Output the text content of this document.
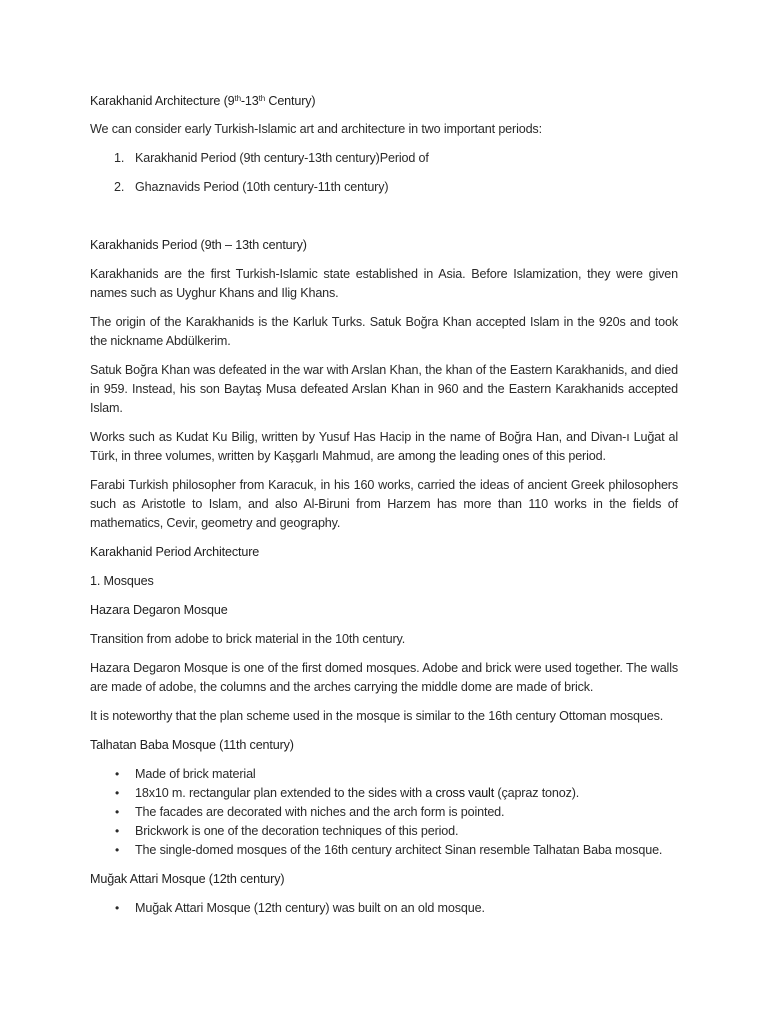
Karakhanid Architecture (9th-13th Century)

We can consider early Turkish-Islamic art and architecture in two important periods:

1. Karakhanid Period (9th century-13th century)Period of
2. Ghaznavids Period (10th century-11th century)

Karakhanids Period (9th – 13th century)

Karakhanids are the first Turkish-Islamic state established in Asia. Before Islamization, they were given names such as Uyghur Khans and Ilig Khans.

The origin of the Karakhanids is the Karluk Turks. Satuk Boğra Khan accepted Islam in the 920s and took the nickname Abdülkerim.

Satuk Boğra Khan was defeated in the war with Arslan Khan, the khan of the Eastern Karakhanids, and died in 959. Instead, his son Baytaş Musa defeated Arslan Khan in 960 and the Eastern Karakhanids accepted Islam.

Works such as Kudat Ku Bilig, written by Yusuf Has Hacip in the name of Boğra Han, and Divan-ı Luğat al Türk, in three volumes, written by Kaşgarlı Mahmud, are among the leading ones of this period.

Farabi Turkish philosopher from Karacuk, in his 160 works, carried the ideas of ancient Greek philosophers such as Aristotle to Islam, and also Al-Biruni from Harzem has more than 110 works in the fields of mathematics, Cevir, geometry and geography.

Karakhanid Period Architecture

1. Mosques

Hazara Degaron Mosque

Transition from adobe to brick material in the 10th century.

Hazara Degaron Mosque is one of the first domed mosques. Adobe and brick were used together. The walls are made of adobe, the columns and the arches carrying the middle dome are made of brick.

It is noteworthy that the plan scheme used in the mosque is similar to the 16th century Ottoman mosques.

Talhatan Baba Mosque (11th century)

• Made of brick material
• 18x10 m. rectangular plan extended to the sides with a cross vault (çapraz tonoz).
• The facades are decorated with niches and the arch form is pointed.
• Brickwork is one of the decoration techniques of this period.
• The single-domed mosques of the 16th century architect Sinan resemble Talhatan Baba mosque.

Muğak Attari Mosque (12th century)

• Muğak Attari Mosque (12th century) was built on an old mosque.
